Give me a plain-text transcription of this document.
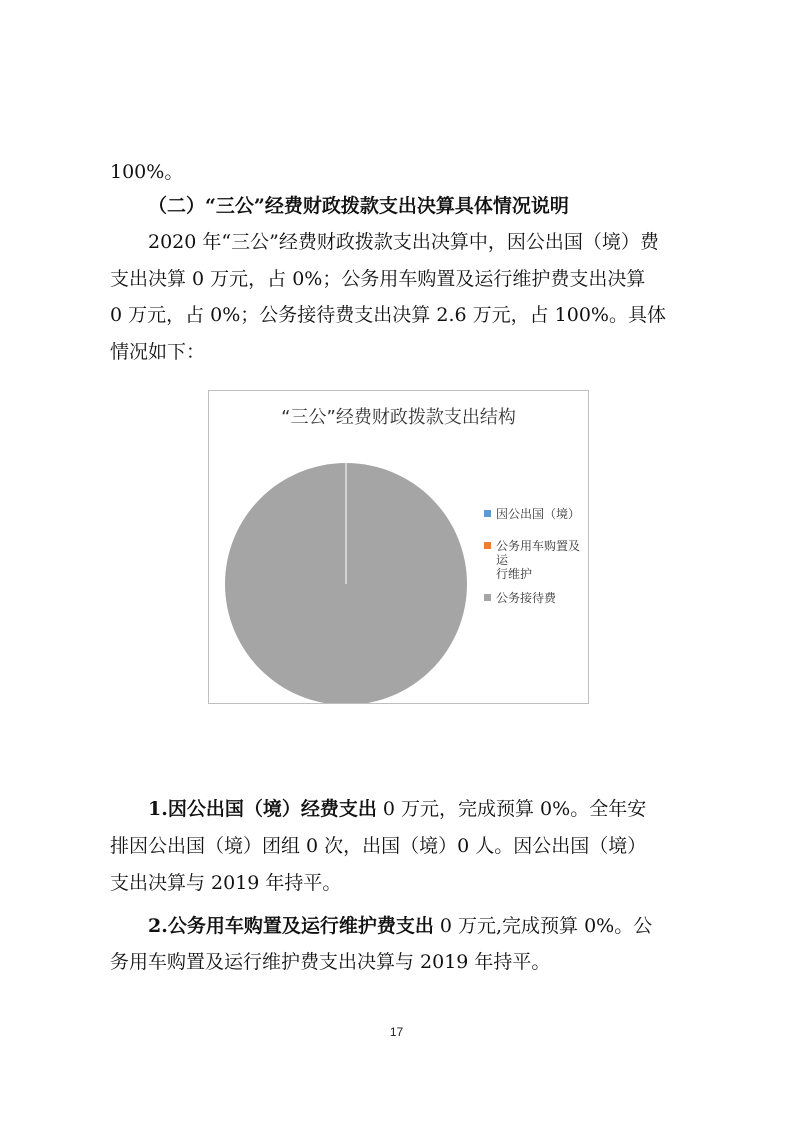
100%。
（二）“三公”经费财政拨款支出决算具体情况说明
2020 年“三公”经费财政拨款支出决算中，因公出国（境）费
支出决算 0 万元，占 0%；公务用车购置及运行维护费支出决算
0 万元，占 0%；公务接待费支出决算 2.6 万元，占 100%。具体
情况如下：
“三公”经费财政拨款支出结构
因公出国（境）
公务用车购置及运
行维护
公务接待费
1.因公出国（境）经费支出 0 万元，完成预算 0%。全年安
排因公出国（境）团组 0 次，出国（境）0 人。因公出国（境）
支出决算与 2019 年持平。
2.公务用车购置及运行维护费支出 0 万元,完成预算 0%。公
务用车购置及运行维护费支出决算与 2019 年持平。
17
